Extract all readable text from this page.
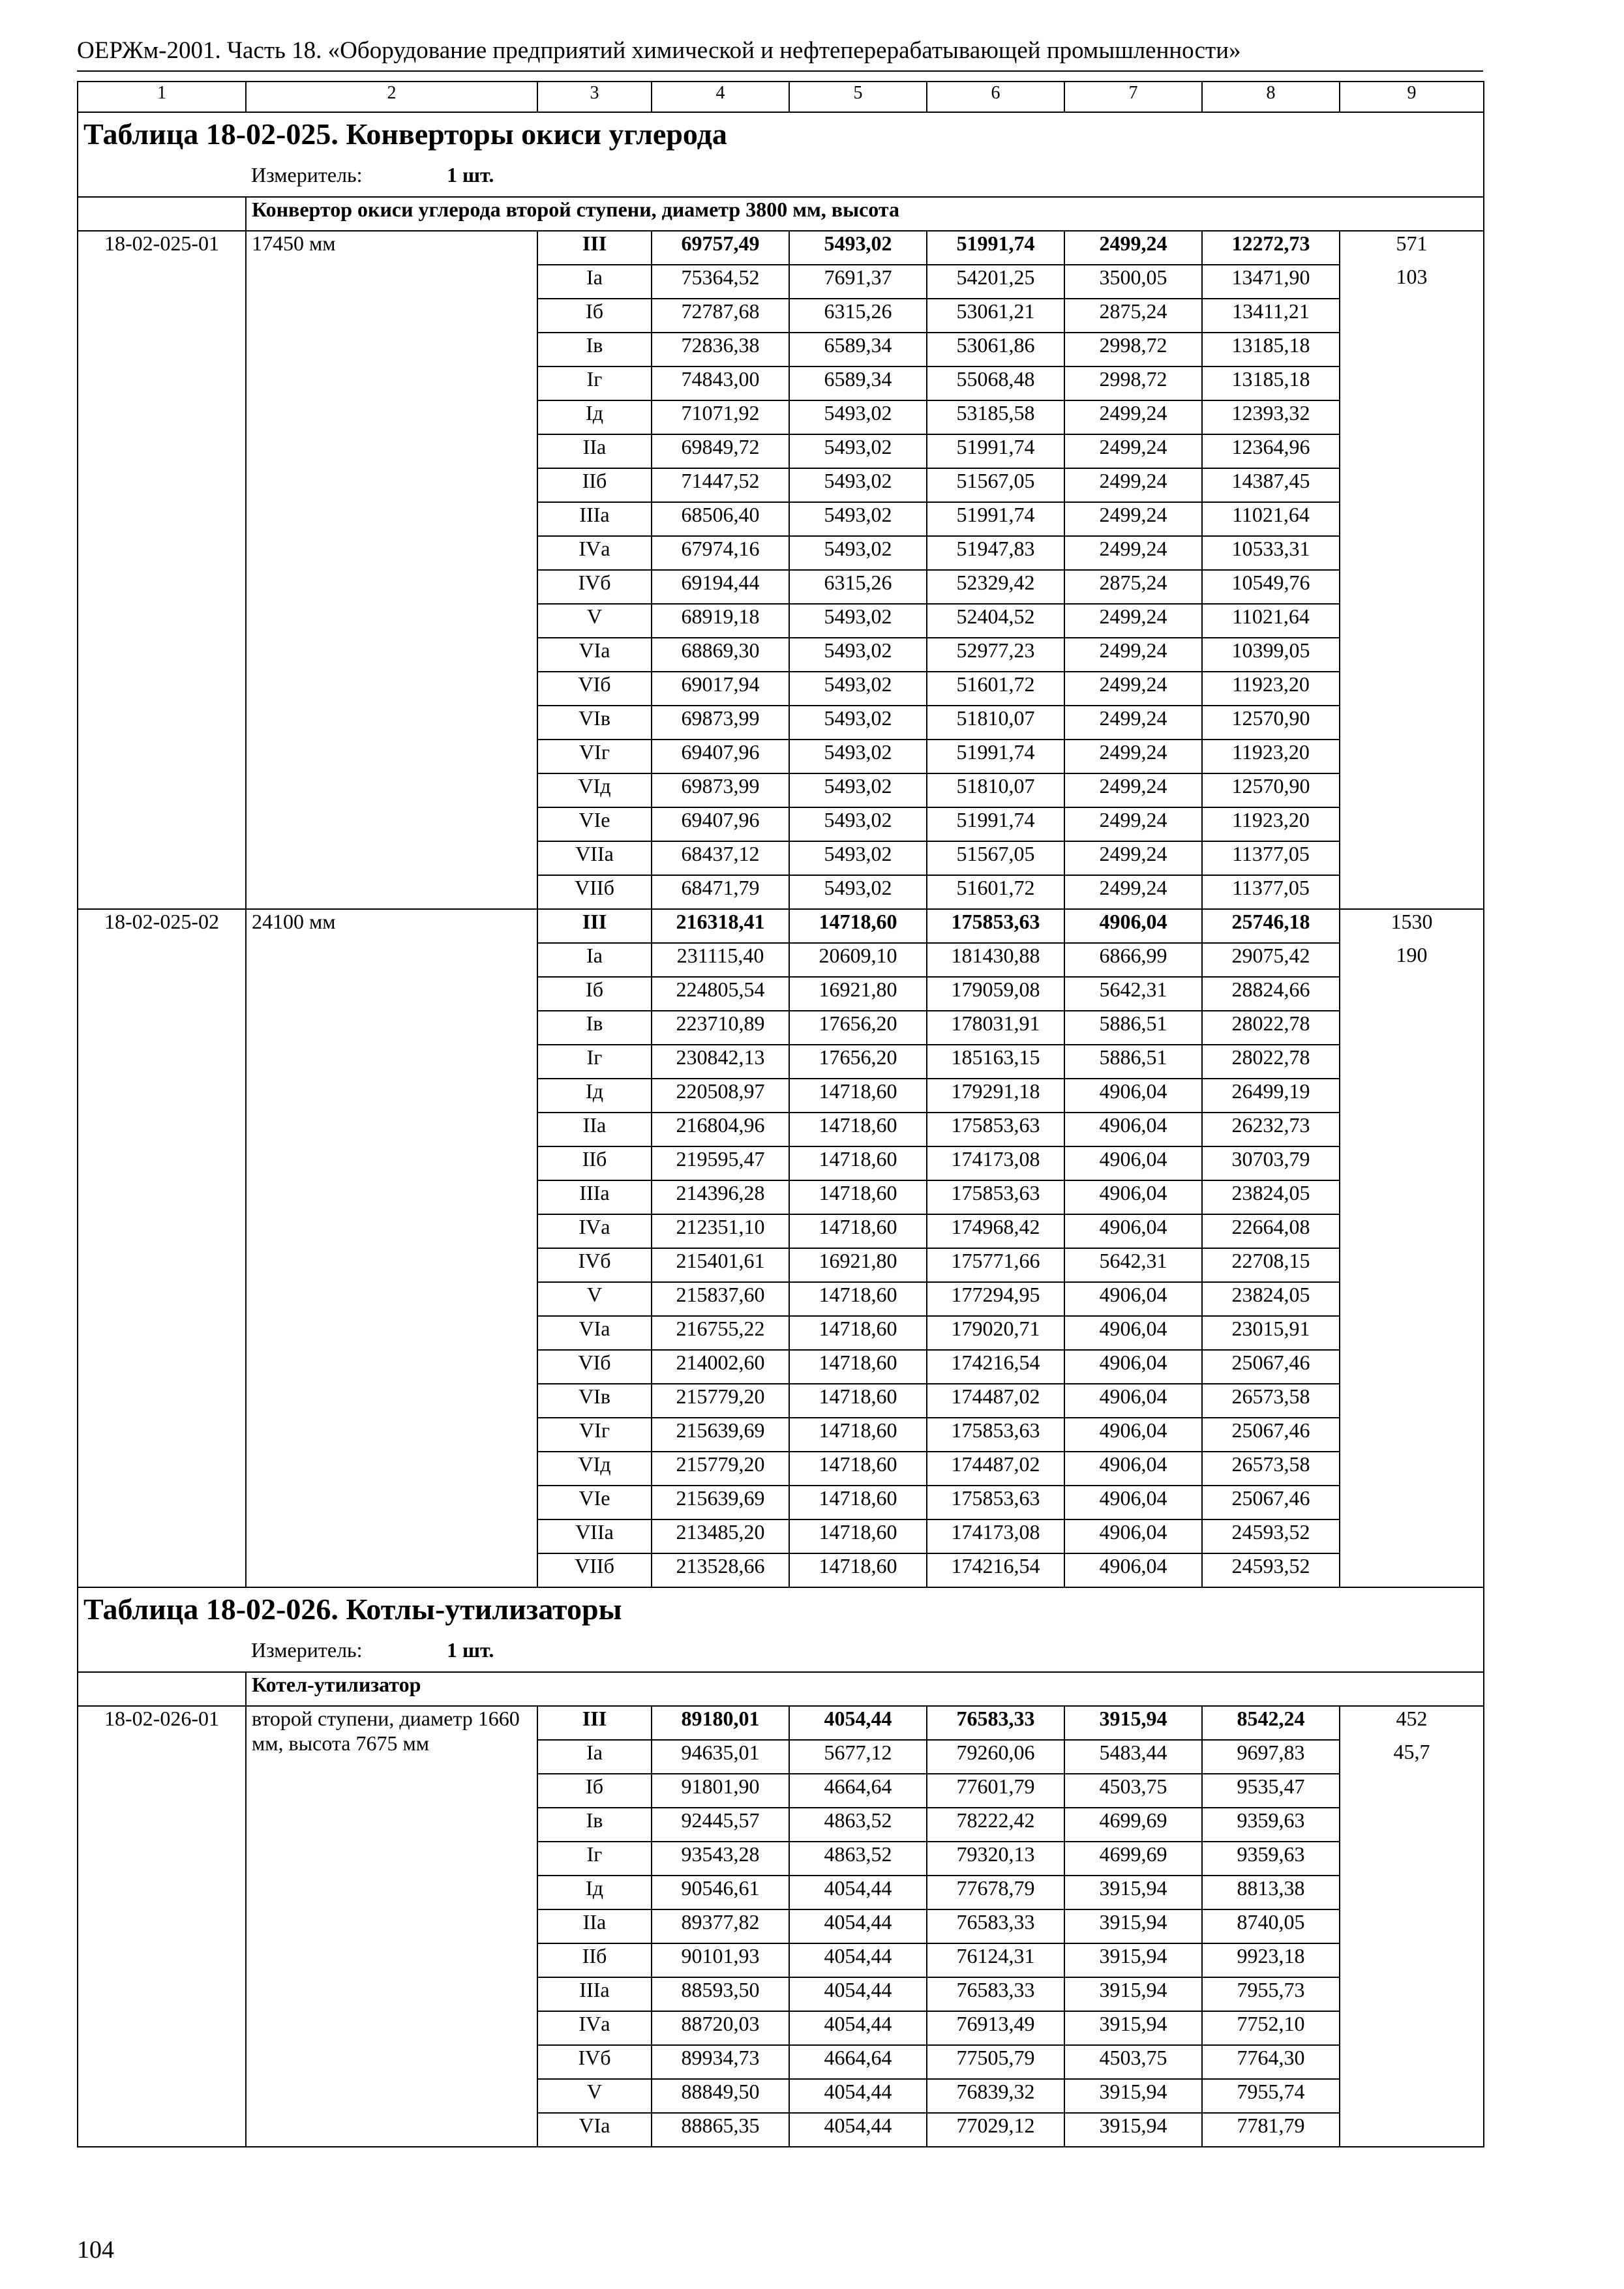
ОЕРЖм-2001. Часть 18. «Оборудование предприятий химической и нефтеперерабатывающей промышленности»
1	2	3	4	5	6	7	8	9
Таблица 18-02-025. Конверторы окиси углерода								
	Измеритель: 1 шт.							
	Конвертор окиси углерода второй ступени, диаметр 3800 мм, высота							
18-02-025-01	17450 мм	III	69757,49	5493,02	51991,74	2499,24	12272,73	571
		Iа	75364,52	7691,37	54201,25	3500,05	13471,90	103
		Iб	72787,68	6315,26	53061,21	2875,24	13411,21	
		Iв	72836,38	6589,34	53061,86	2998,72	13185,18	
		Iг	74843,00	6589,34	55068,48	2998,72	13185,18	
		Iд	71071,92	5493,02	53185,58	2499,24	12393,32	
		IIа	69849,72	5493,02	51991,74	2499,24	12364,96	
		IIб	71447,52	5493,02	51567,05	2499,24	14387,45	
		IIIа	68506,40	5493,02	51991,74	2499,24	11021,64	
		IVа	67974,16	5493,02	51947,83	2499,24	10533,31	
		IVб	69194,44	6315,26	52329,42	2875,24	10549,76	
		V	68919,18	5493,02	52404,52	2499,24	11021,64	
		VIа	68869,30	5493,02	52977,23	2499,24	10399,05	
		VIб	69017,94	5493,02	51601,72	2499,24	11923,20	
		VIв	69873,99	5493,02	51810,07	2499,24	12570,90	
		VIг	69407,96	5493,02	51991,74	2499,24	11923,20	
		VIд	69873,99	5493,02	51810,07	2499,24	12570,90	
		VIе	69407,96	5493,02	51991,74	2499,24	11923,20	
		VIIа	68437,12	5493,02	51567,05	2499,24	11377,05	
		VIIб	68471,79	5493,02	51601,72	2499,24	11377,05	
18-02-025-02	24100 мм	III	216318,41	14718,60	175853,63	4906,04	25746,18	1530
		Iа	231115,40	20609,10	181430,88	6866,99	29075,42	190
		Iб	224805,54	16921,80	179059,08	5642,31	28824,66	
		Iв	223710,89	17656,20	178031,91	5886,51	28022,78	
		Iг	230842,13	17656,20	185163,15	5886,51	28022,78	
		Iд	220508,97	14718,60	179291,18	4906,04	26499,19	
		IIа	216804,96	14718,60	175853,63	4906,04	26232,73	
		IIб	219595,47	14718,60	174173,08	4906,04	30703,79	
		IIIа	214396,28	14718,60	175853,63	4906,04	23824,05	
		IVа	212351,10	14718,60	174968,42	4906,04	22664,08	
		IVб	215401,61	16921,80	175771,66	5642,31	22708,15	
		V	215837,60	14718,60	177294,95	4906,04	23824,05	
		VIа	216755,22	14718,60	179020,71	4906,04	23015,91	
		VIб	214002,60	14718,60	174216,54	4906,04	25067,46	
		VIв	215779,20	14718,60	174487,02	4906,04	26573,58	
		VIг	215639,69	14718,60	175853,63	4906,04	25067,46	
		VIд	215779,20	14718,60	174487,02	4906,04	26573,58	
		VIе	215639,69	14718,60	175853,63	4906,04	25067,46	
		VIIа	213485,20	14718,60	174173,08	4906,04	24593,52	
		VIIб	213528,66	14718,60	174216,54	4906,04	24593,52	
Таблица 18-02-026. Котлы-утилизаторы								
	Измеритель: 1 шт.							
	Котел-утилизатор							
18-02-026-01	второй ступени, диаметр 1660 мм, высота 7675 мм	III	89180,01	4054,44	76583,33	3915,94	8542,24	452
		Iа	94635,01	5677,12	79260,06	5483,44	9697,83	45,7
		Iб	91801,90	4664,64	77601,79	4503,75	9535,47	
		Iв	92445,57	4863,52	78222,42	4699,69	9359,63	
		Iг	93543,28	4863,52	79320,13	4699,69	9359,63	
		Iд	90546,61	4054,44	77678,79	3915,94	8813,38	
		IIа	89377,82	4054,44	76583,33	3915,94	8740,05	
		IIб	90101,93	4054,44	76124,31	3915,94	9923,18	
		IIIа	88593,50	4054,44	76583,33	3915,94	7955,73	
		IVа	88720,03	4054,44	76913,49	3915,94	7752,10	
		IVб	89934,73	4664,64	77505,79	4503,75	7764,30	
		V	88849,50	4054,44	76839,32	3915,94	7955,74	
		VIа	88865,35	4054,44	77029,12	3915,94	7781,79	
104
